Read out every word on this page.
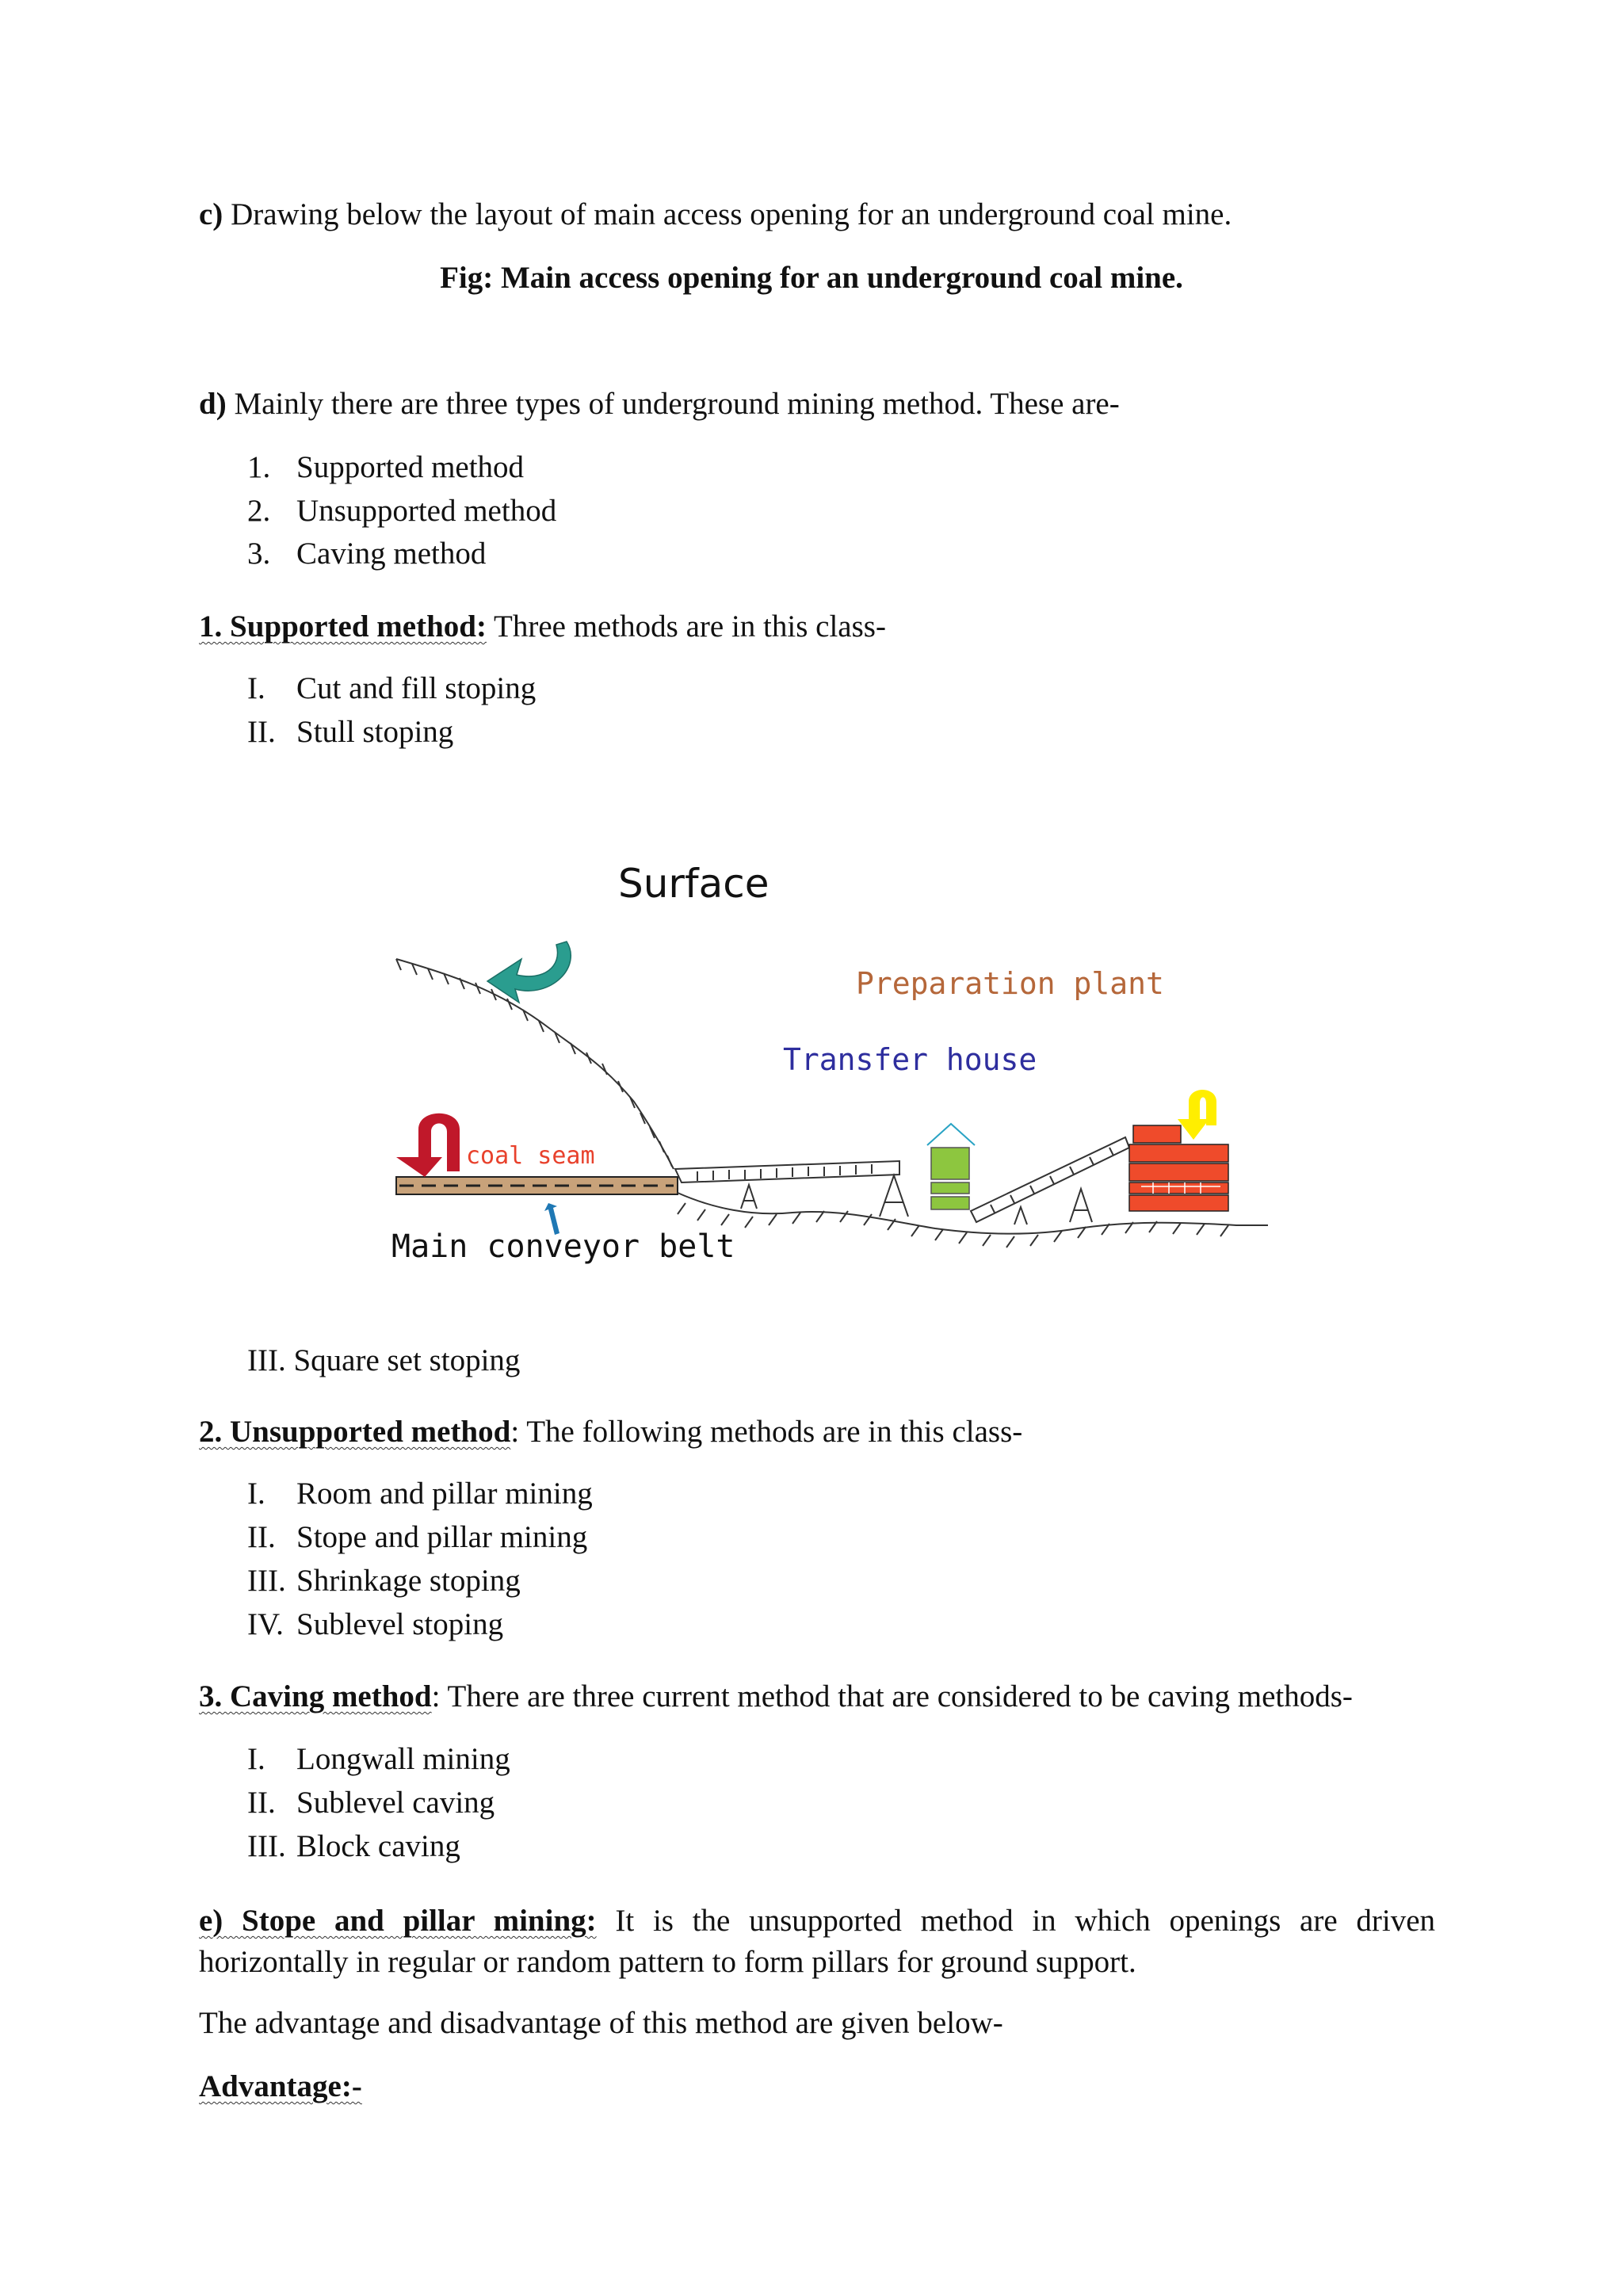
c) Drawing below the layout of main access opening for an underground coal mine.
Fig: Main access opening for an underground coal mine.
d) Mainly there are three types of underground mining method. These are-
1. Supported method
2. Unsupported method
3. Caving method
1. Supported method: Three methods are in this class-
I. Cut and fill stoping
II. Stull stoping
Surface
Preparation plant
Transfer house
coal seam
Main conveyor belt
III. Square set stoping
2. Unsupported method: The following methods are in this class-
I. Room and pillar mining
II. Stope and pillar mining
III. Shrinkage stoping
IV. Sublevel stoping
3. Caving method: There are three current method that are considered to be caving methods-
I. Longwall mining
II. Sublevel caving
III. Block caving
e) Stope and pillar mining: It is the unsupported method in which openings are driven horizontally in regular or random pattern to form pillars for ground support.
The advantage and disadvantage of this method are given below-
Advantage:-
